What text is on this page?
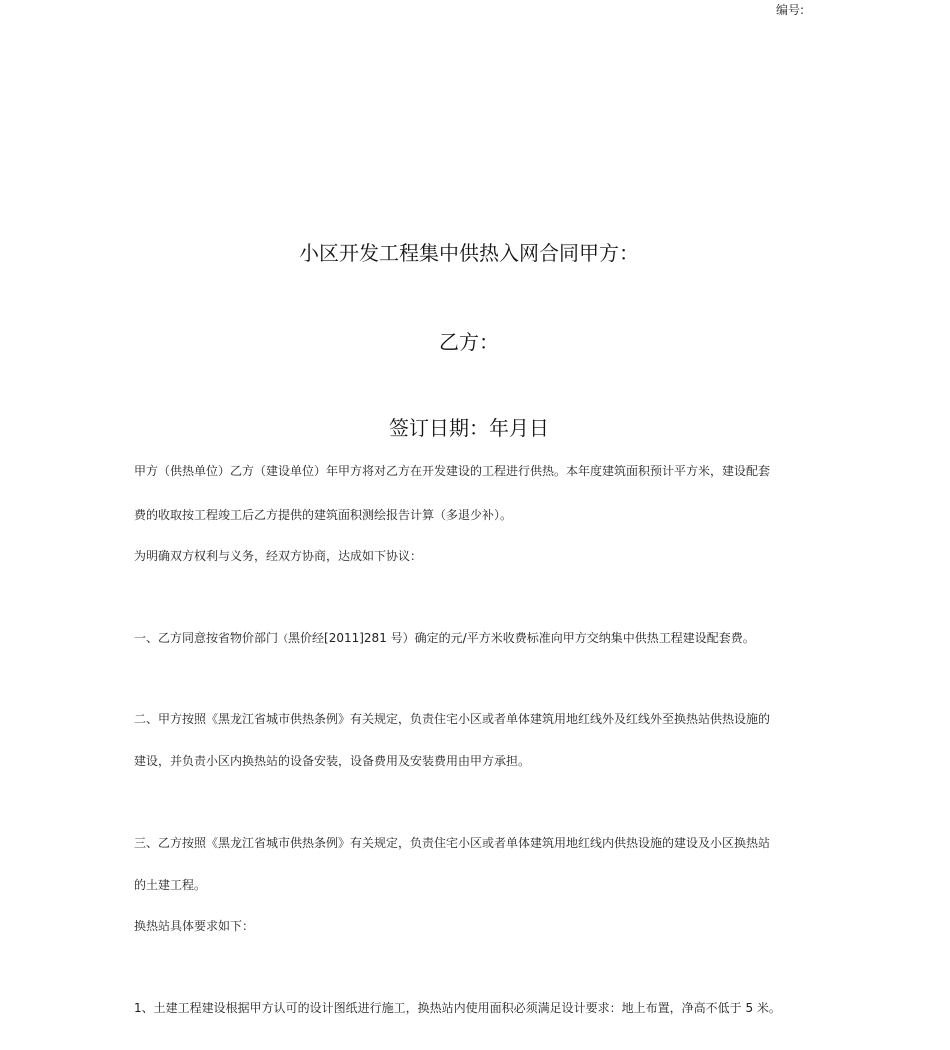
编号:
小区开发工程集中供热入网合同甲方：
乙方：
签订日期：年月日

甲方（供热单位）乙方（建设单位）年甲方将对乙方在开发建设的工程进行供热。本年度建筑面积预计平方米，建设配套

费的收取按工程竣工后乙方提供的建筑面积测绘报告计算（多退少补）。

为明确双方权利与义务，经双方协商，达成如下协议：

一、乙方同意按省物价部门（黑价经[2011]281 号）确定的元/平方米收费标准向甲方交纳集中供热工程建设配套费。

二、甲方按照《黑龙江省城市供热条例》有关规定，负责住宅小区或者单体建筑用地红线外及红线外至换热站供热设施的

建设，并负责小区内换热站的设备安装，设备费用及安装费用由甲方承担。

三、乙方按照《黑龙江省城市供热条例》有关规定，负责住宅小区或者单体建筑用地红线内供热设施的建设及小区换热站

的土建工程。

换热站具体要求如下：

1、土建工程建设根据甲方认可的设计图纸进行施工，换热站内使用面积必须满足设计要求：地上布置，净高不低于 5 米。
